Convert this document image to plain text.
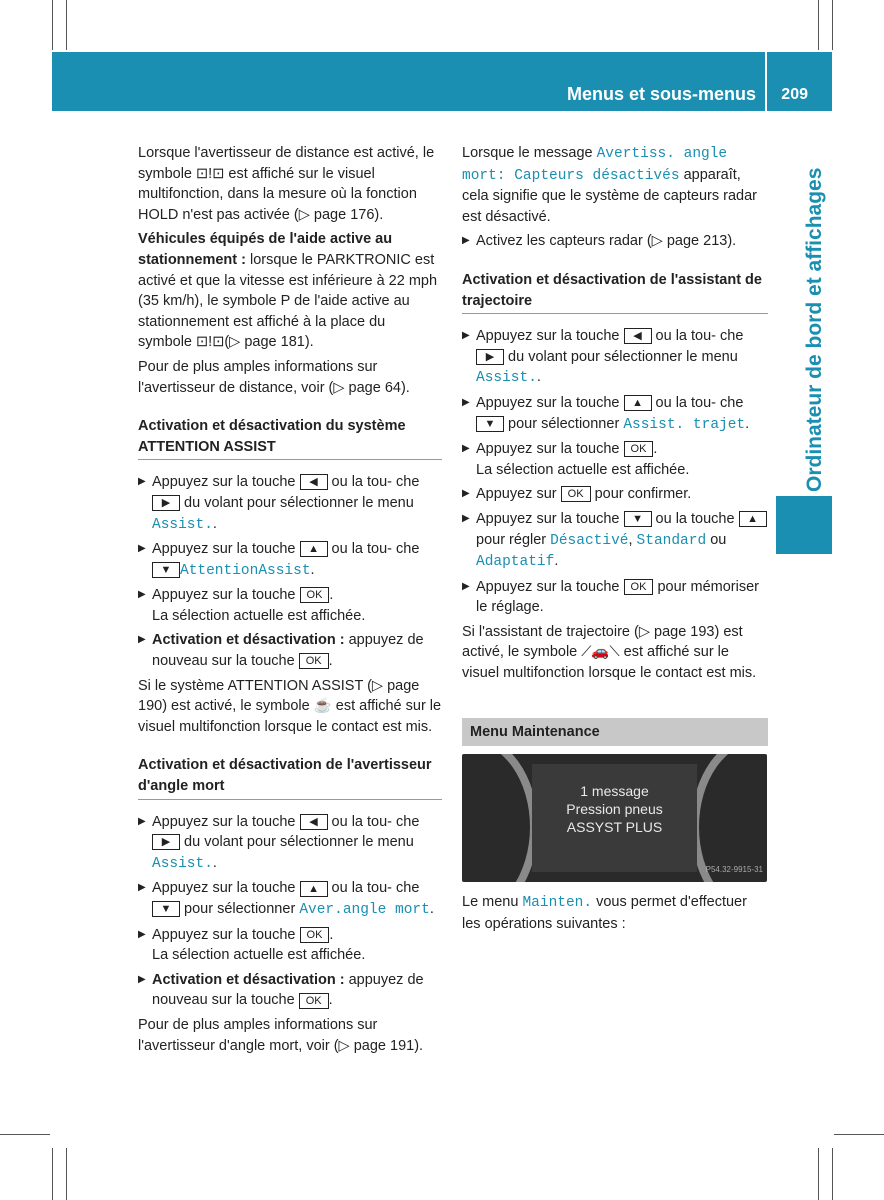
Menus et sous-menus 209
Ordinateur de bord et affichages

Lorsque l'avertisseur de distance est activé, le symbole ⊡!⊡ est affiché sur le visuel multifonction, dans la mesure où la fonction HOLD n'est pas activée (▷ page 176).

Véhicules équipés de l'aide active au stationnement : lorsque le PARKTRONIC est activé et que la vitesse est inférieure à 22 mph (35 km/h), le symbole P de l'aide active au stationnement est affiché à la place du symbole ⊡!⊡(▷ page 181).

Pour de plus amples informations sur l'avertisseur de distance, voir (▷ page 64).

Activation et désactivation du système ATTENTION ASSIST
▶ Appuyez sur la touche ◀ ou la tou- che ▶ du volant pour sélectionner le menu Assist..
▶ Appuyez sur la touche ▲ ou la tou- che ▼ AttentionAssist.
▶ Appuyez sur la touche OK .
La sélection actuelle est affichée.
▶ Activation et désactivation : appuyez de nouveau sur la touche OK .

Si le système ATTENTION ASSIST (▷ page 190) est activé, le symbole ☕ est affiché sur le visuel multifonction lorsque le contact est mis.

Activation et désactivation de l'avertisseur d'angle mort
▶ Appuyez sur la touche ◀ ou la tou- che ▶ du volant pour sélectionner le menu Assist..
▶ Appuyez sur la touche ▲ ou la tou- che ▼ pour sélectionner Aver.angle mort.
▶ Appuyez sur la touche OK .
La sélection actuelle est affichée.
▶ Activation et désactivation : appuyez de nouveau sur la touche OK .

Pour de plus amples informations sur l'avertisseur d'angle mort, voir (▷ page 191).

Lorsque le message Avertiss. angle mort: Capteurs désactivés apparaît, cela signifie que le système de capteurs radar est désactivé.

▶ Activez les capteurs radar (▷ page 213).
Activation et désactivation de l'assistant de trajectoire
▶ Appuyez sur la touche ◀ ou la tou- che ▶ du volant pour sélectionner le menu Assist..
▶ Appuyez sur la touche ▲ ou la tou- che ▼ pour sélectionner Assist. trajet.
▶ Appuyez sur la touche OK .
La sélection actuelle est affichée.
▶ Appuyez sur OK pour confirmer.
▶ Appuyez sur la touche ▼ ou la touche ▲ pour régler Désactivé, Standard ou Adaptatif.
▶ Appuyez sur la touche OK pour mémoriser le réglage.

Si l'assistant de trajectoire (▷ page 193) est activé, le symbole ⟋🚗⟍ est affiché sur le visuel multifonction lorsque le contact est mis.

Menu Maintenance
1 message
Pression pneus
ASSYST PLUS
P54.32-9915-31

Le menu Mainten. vous permet d'effectuer les opérations suivantes :
